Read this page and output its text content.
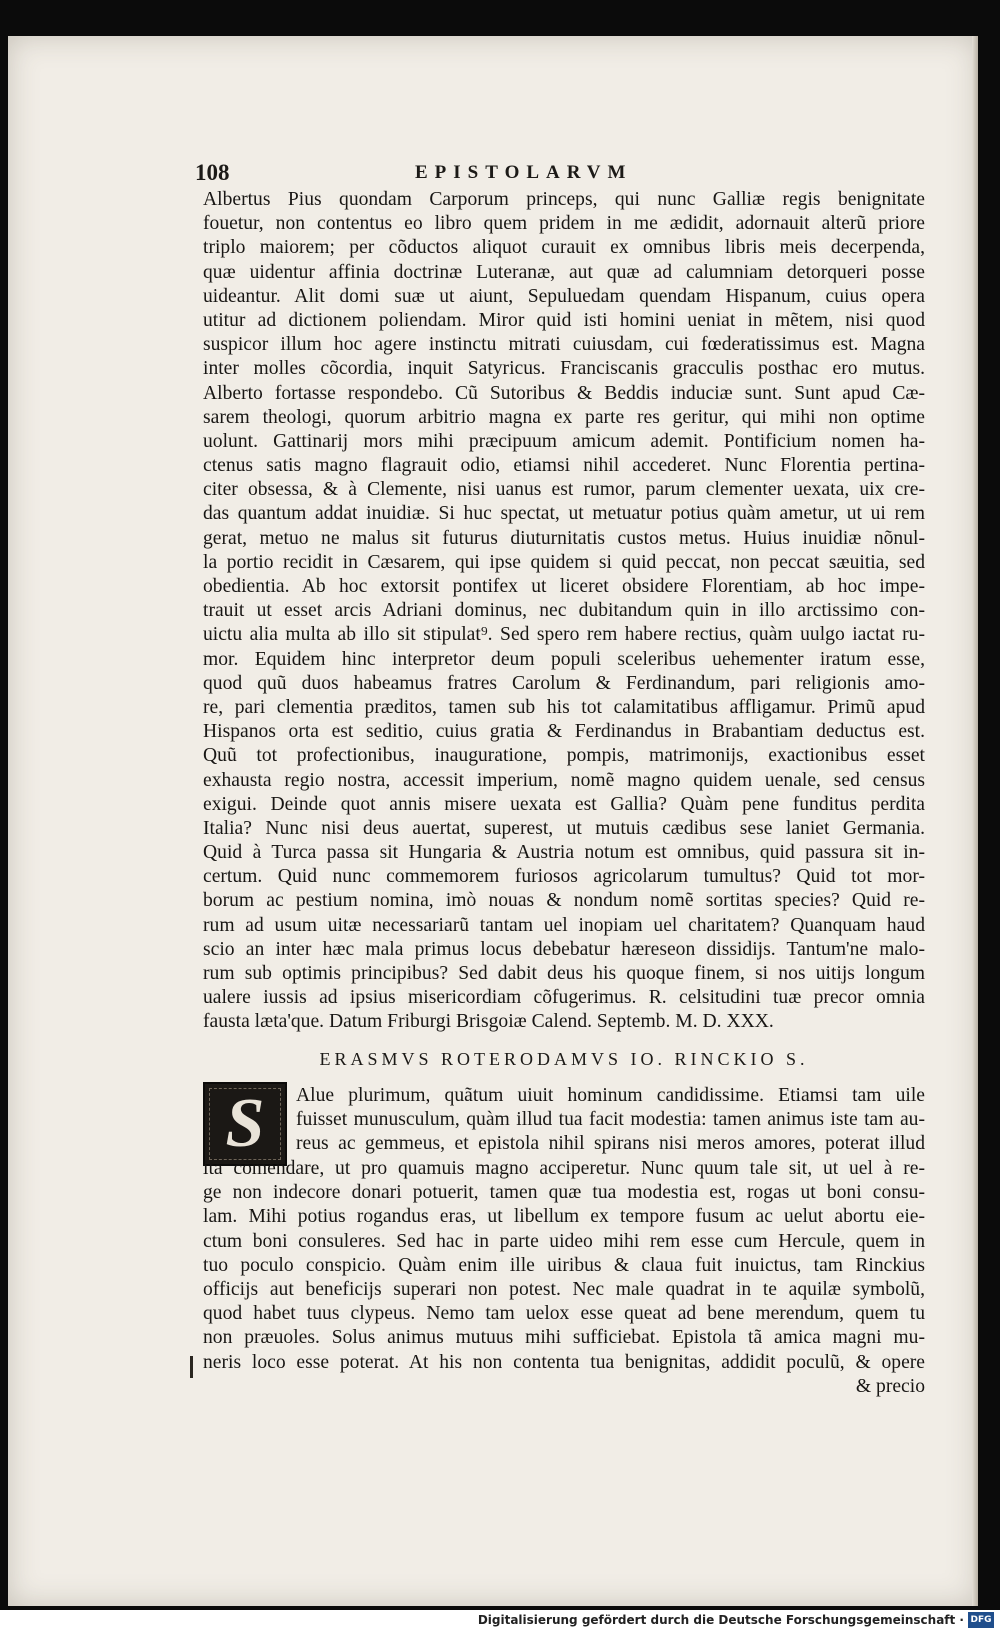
108	EPISTOLARVM
Albertus Pius quondam Carporum princeps, qui nunc Galliæ regis benignitate
fouetur, non contentus eo libro quem pridem in me ædidit, adornauit alterũ priore
triplo maiorem; per cõductos aliquot curauit ex omnibus libris meis decerpenda,
quæ uidentur affinia doctrinæ Luteranæ, aut quæ ad calumniam detorqueri posse
uideantur. Alit domi suæ ut aiunt, Sepuluedam quendam Hispanum, cuius opera
utitur ad dictionem poliendam. Miror quid isti homini ueniat in mẽtem, nisi quod
suspicor illum hoc agere instinctu mitrati cuiusdam, cui fœderatissimus est. Magna
inter molles cõcordia, inquit Satyricus. Franciscanis gracculis posthac ero mutus.
Alberto fortasse respondebo. Cũ Sutoribus & Beddis induciæ sunt. Sunt apud Cæ-
sarem theologi, quorum arbitrio magna ex parte res geritur, qui mihi non optime
uolunt. Gattinarij mors mihi præcipuum amicum ademit. Pontificium nomen ha-
ctenus satis magno flagrauit odio, etiamsi nihil accederet. Nunc Florentia pertina-
citer obsessa, & à Clemente, nisi uanus est rumor, parum clementer uexata, uix cre-
das quantum addat inuidiæ. Si huc spectat, ut metuatur potius quàm ametur, ut ui rem
gerat, metuo ne malus sit futurus diuturnitatis custos metus. Huius inuidiæ nõnul-
la portio recidit in Cæsarem, qui ipse quidem si quid peccat, non peccat sæuitia, sed
obedientia. Ab hoc extorsit pontifex ut liceret obsidere Florentiam, ab hoc impe-
trauit ut esset arcis Adriani dominus, nec dubitandum quin in illo arctissimo con-
uictu alia multa ab illo sit stipulat⁹. Sed spero rem habere rectius, quàm uulgo iactat ru-
mor. Equidem hinc interpretor deum populi sceleribus uehementer iratum esse,
quod quũ duos habeamus fratres Carolum & Ferdinandum, pari religionis amo-
re, pari clementia præditos, tamen sub his tot calamitatibus affligamur. Primũ apud
Hispanos orta est seditio, cuius gratia & Ferdinandus in Brabantiam deductus est.
Quũ tot profectionibus, inauguratione, pompis, matrimonijs, exactionibus esset
exhausta regio nostra, accessit imperium, nomẽ magno quidem uenale, sed census
exigui. Deinde quot annis misere uexata est Gallia? Quàm pene funditus perdita
Italia? Nunc nisi deus auertat, superest, ut mutuis cædibus sese laniet Germania.
Quid à Turca passa sit Hungaria & Austria notum est omnibus, quid passura sit in-
certum. Quid nunc commemorem furiosos agricolarum tumultus? Quid tot mor-
borum ac pestium nomina, imò nouas & nondum nomẽ sortitas species? Quid re-
rum ad usum uitæ necessariarũ tantam uel inopiam uel charitatem? Quanquam haud
scio an inter hæc mala primus locus debebatur hæreseon dissidijs. Tantum'ne malo-
rum sub optimis principibus? Sed dabit deus his quoque finem, si nos uitijs longum
ualere iussis ad ipsius misericordiam cõfugerimus. R. celsitudini tuæ precor omnia
fausta læta'que. Datum Friburgi Brisgoiæ Calend. Septemb. M. D. XXX.
ERASMVS ROTERODAMVS IO. RINCKIO S.
S	Alue plurimum, quãtum uiuit hominum candidissime. Etiamsi tam uile
fuisset munusculum, quàm illud tua facit modestia: tamen animus iste tam au-
reus ac gemmeus, et epistola nihil spirans nisi meros amores, poterat illud
ita cõmendare, ut pro quamuis magno acciperetur. Nunc quum tale sit, ut uel à re-
ge non indecore donari potuerit, tamen quæ tua modestia est, rogas ut boni consu-
lam. Mihi potius rogandus eras, ut libellum ex tempore fusum ac uelut abortu eie-
ctum boni consuleres. Sed hac in parte uideo mihi rem esse cum Hercule, quem in
tuo poculo conspicio. Quàm enim ille uiribus & claua fuit inuictus, tam Rinckius
officijs aut beneficijs superari non potest. Nec male quadrat in te aquilæ symbolũ,
quod habet tuus clypeus. Nemo tam uelox esse queat ad bene merendum, quem tu
non præuoles. Solus animus mutuus mihi sufficiebat. Epistola tã amica magni mu-
neris loco esse poterat. At his non contenta tua benignitas, addidit poculũ, & opere
& precio
Digitalisierung gefördert durch die Deutsche Forschungsgemeinschaft · DFG
